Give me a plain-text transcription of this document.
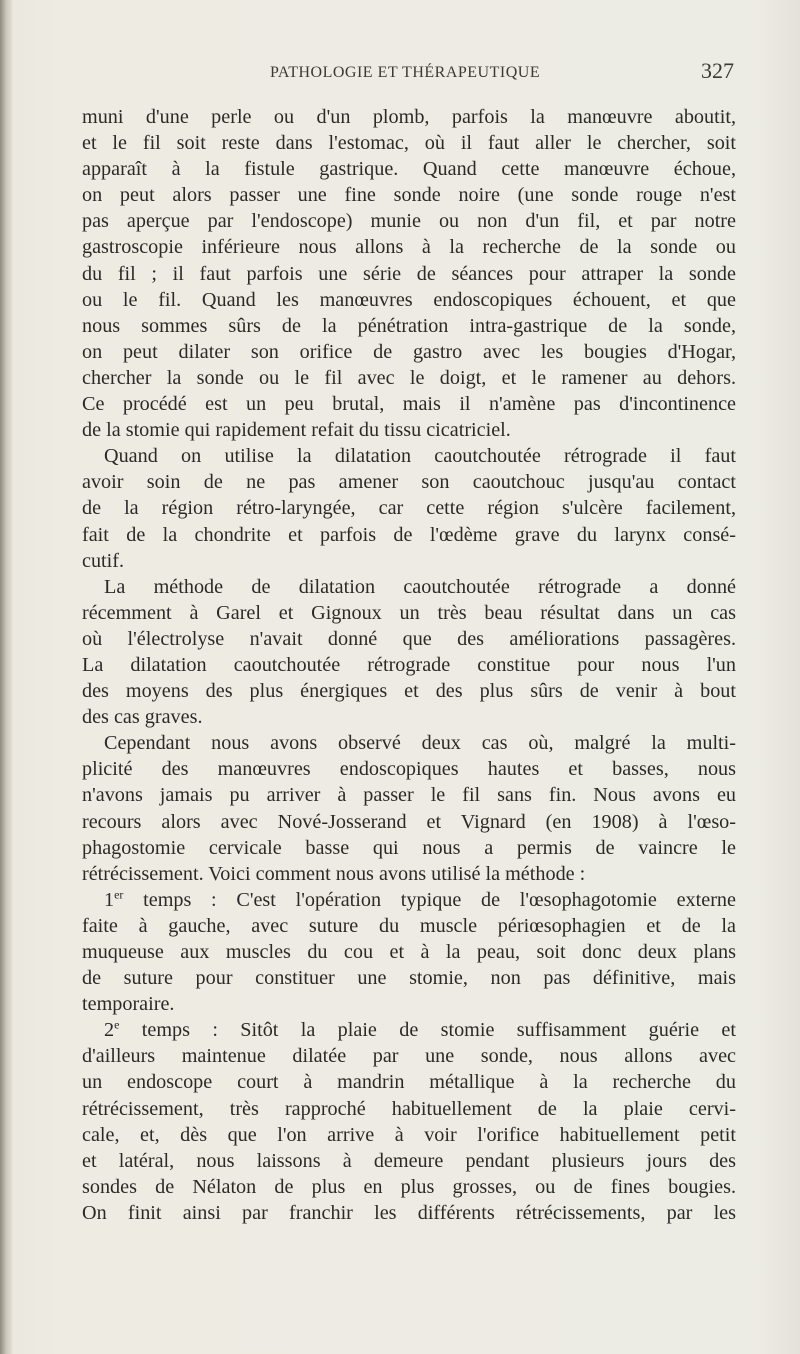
PATHOLOGIE ET THÉRAPEUTIQUE	327
muni d'une perle ou d'un plomb, parfois la manœuvre aboutit,
et le fil soit reste dans l'estomac, où il faut aller le chercher, soit
apparaît à la fistule gastrique. Quand cette manœuvre échoue,
on peut alors passer une fine sonde noire (une sonde rouge n'est
pas aperçue par l'endoscope) munie ou non d'un fil, et par notre
gastroscopie inférieure nous allons à la recherche de la sonde ou
du fil ; il faut parfois une série de séances pour attraper la sonde
ou le fil. Quand les manœuvres endoscopiques échouent, et que
nous sommes sûrs de la pénétration intra-gastrique de la sonde,
on peut dilater son orifice de gastro avec les bougies d'Hogar,
chercher la sonde ou le fil avec le doigt, et le ramener au dehors.
Ce procédé est un peu brutal, mais il n'amène pas d'incontinence
de la stomie qui rapidement refait du tissu cicatriciel.
Quand on utilise la dilatation caoutchoutée rétrograde il faut
avoir soin de ne pas amener son caoutchouc jusqu'au contact
de la région rétro-laryngée, car cette région s'ulcère facilement,
fait de la chondrite et parfois de l'œdème grave du larynx consé-
cutif.
La méthode de dilatation caoutchoutée rétrograde a donné
récemment à Garel et Gignoux un très beau résultat dans un cas
où l'électrolyse n'avait donné que des améliorations passagères.
La dilatation caoutchoutée rétrograde constitue pour nous l'un
des moyens des plus énergiques et des plus sûrs de venir à bout
des cas graves.
Cependant nous avons observé deux cas où, malgré la multi-
plicité des manœuvres endoscopiques hautes et basses, nous
n'avons jamais pu arriver à passer le fil sans fin. Nous avons eu
recours alors avec Nové-Josserand et Vignard (en 1908) à l'œso-
phagostomie cervicale basse qui nous a permis de vaincre le
rétrécissement. Voici comment nous avons utilisé la méthode :
1er temps : C'est l'opération typique de l'œsophagotomie externe
faite à gauche, avec suture du muscle périœsophagien et de la
muqueuse aux muscles du cou et à la peau, soit donc deux plans
de suture pour constituer une stomie, non pas définitive, mais
temporaire.
2e temps : Sitôt la plaie de stomie suffisamment guérie et
d'ailleurs maintenue dilatée par une sonde, nous allons avec
un endoscope court à mandrin métallique à la recherche du
rétrécissement, très rapproché habituellement de la plaie cervi-
cale, et, dès que l'on arrive à voir l'orifice habituellement petit
et latéral, nous laissons à demeure pendant plusieurs jours des
sondes de Nélaton de plus en plus grosses, ou de fines bougies.
On finit ainsi par franchir les différents rétrécissements, par les
